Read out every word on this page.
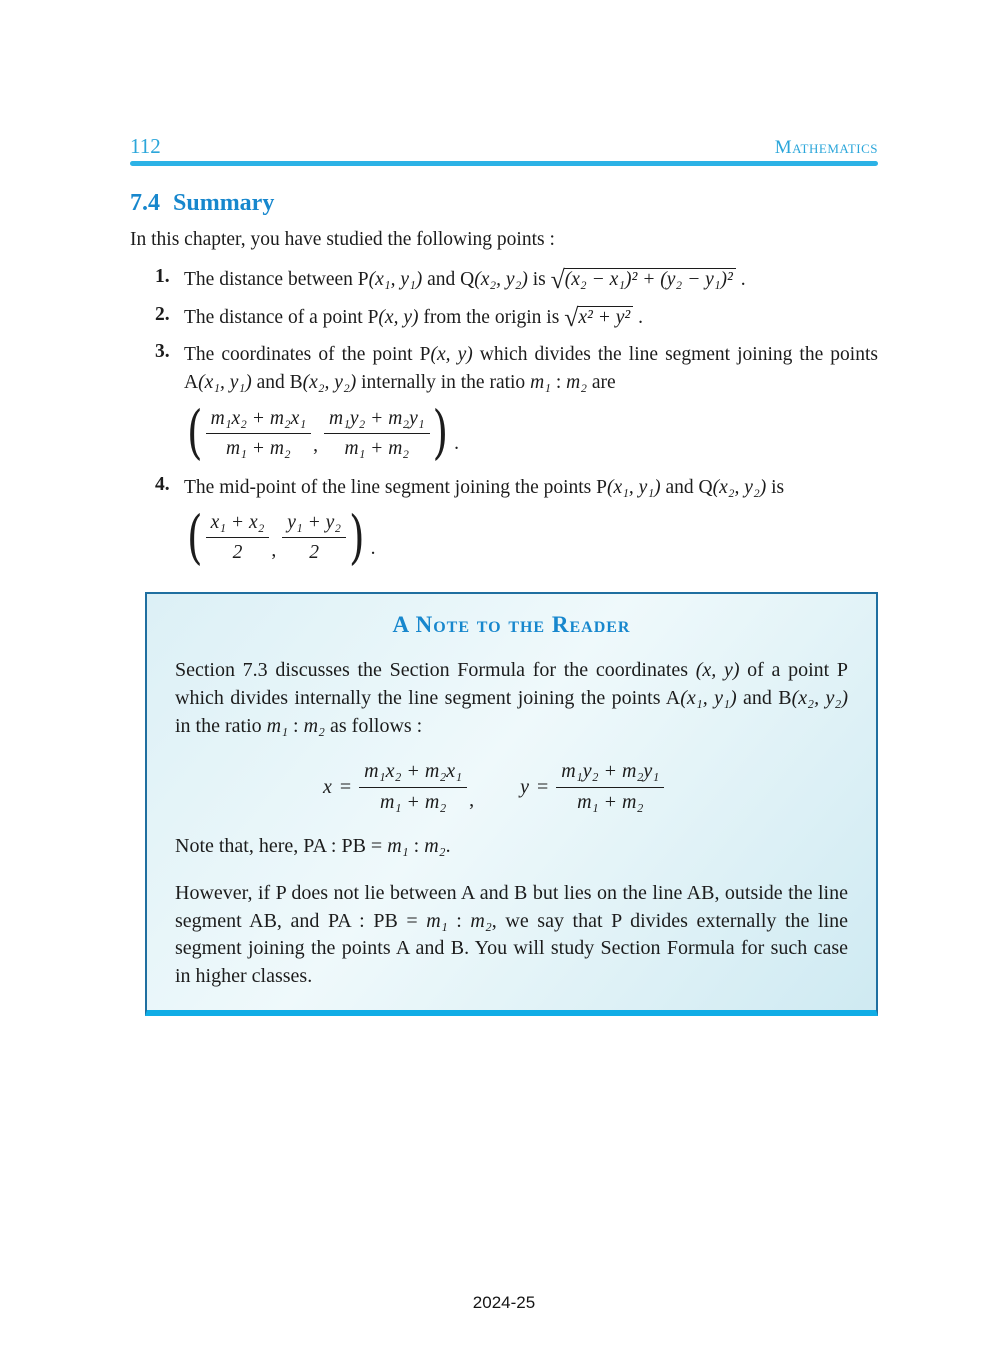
112	Mathematics
7.4 Summary
In this chapter, you have studied the following points :
1. The distance between P(x₁, y₁) and Q(x₂, y₂) is √(x₂ − x₁)² + (y₂ − y₁)² .
2. The distance of a point P(x, y) from the origin is √x² + y² .
3. The coordinates of the point P(x, y) which divides the line segment joining the points A(x₁, y₁) and B(x₂, y₂) internally in the ratio m₁ : m₂ are
( $\frac{\text{m₁x₂ + m₂x₁}}{\text{m₁ + m₂}}$ , $\frac{\text{m₁y₂ + m₂y₁}}{\text{m₁ + m₂}}$ ) .
4. The mid-point of the line segment joining the points P(x₁, y₁) and Q(x₂, y₂) is
( $\frac{\text{x₁ + x₂}}{2}$ , $\frac{\text{y₁ + y₂}}{2}$ ) .
A Note to the Reader
Section 7.3 discusses the Section Formula for the coordinates (x, y) of a point P which divides internally the line segment joining the points A(x₁, y₁) and B(x₂, y₂) in the ratio m₁ : m₂ as follows :
$x = \frac{\text{m₁x₂ + m₂x₁}}{\text{m₁ + m₂}}$ ,
$y = \frac{\text{m₁y₂ + m₂y₁}}{\text{m₁ + m₂}}$
Note that, here, PA : PB = m₁ : m₂.
However, if P does not lie between A and B but lies on the line AB, outside the line segment AB, and PA : PB = m₁ : m₂, we say that P divides externally the line segment joining the points A and B. You will study Section Formula for such case in higher classes.
2024-25
